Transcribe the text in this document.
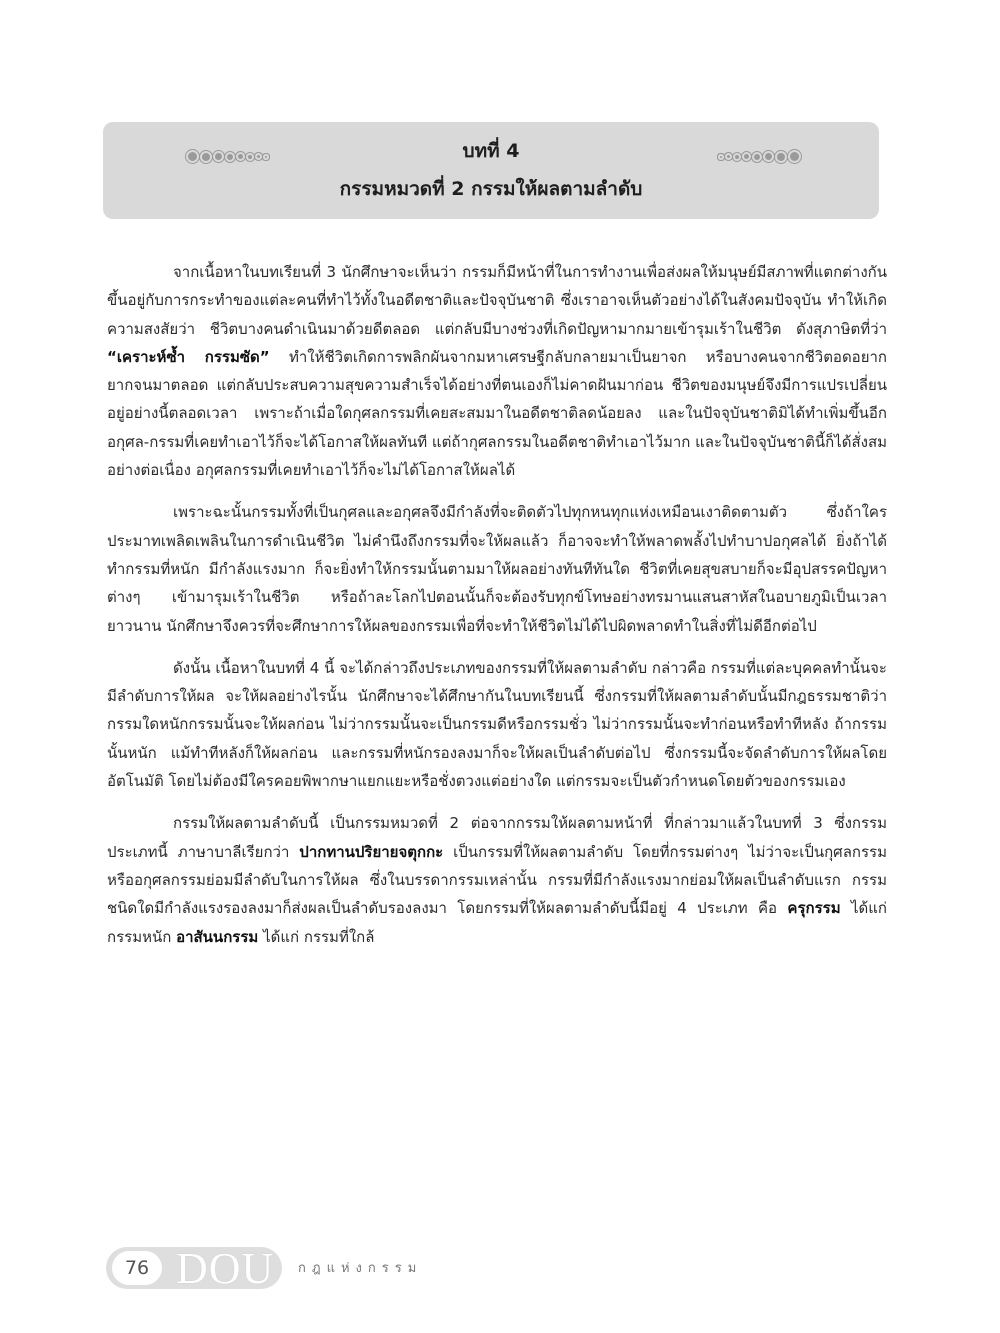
บทที่ 4
กรรมหมวดที่ 2 กรรมให้ผลตามลำดับ

จากเนื้อหาในบทเรียนที่ 3 นักศึกษาจะเห็นว่า กรรมก็มีหน้าที่ในการทำงานเพื่อส่งผลให้มนุษย์มีสภาพที่แตกต่างกัน ขึ้นอยู่กับการกระทำของแต่ละคนที่ทำไว้ทั้งในอดีตชาติและปัจจุบันชาติ ซึ่งเราอาจเห็นตัวอย่างได้ในสังคมปัจจุบัน ทำให้เกิดความสงสัยว่า ชีวิตบางคนดำเนินมาด้วยดีตลอด แต่กลับมีบางช่วงที่เกิดปัญหามากมายเข้ารุมเร้าในชีวิต ดังสุภาษิตที่ว่า “เคราะห์ซ้ำ กรรมซัด” ทำให้ชีวิตเกิดการพลิกผันจากมหาเศรษฐีกลับกลายมาเป็นยาจก หรือบางคนจากชีวิตอดอยากยากจนมาตลอด แต่กลับประสบความสุขความสำเร็จได้อย่างที่ตนเองก็ไม่คาดฝันมาก่อน ชีวิตของมนุษย์จึงมีการแปรเปลี่ยนอยู่อย่างนี้ตลอดเวลา เพราะถ้าเมื่อใดกุศลกรรมที่เคยสะสมมาในอดีตชาติลดน้อยลง และในปัจจุบันชาติมิได้ทำเพิ่มขึ้นอีก อกุศล-กรรมที่เคยทำเอาไว้ก็จะได้โอกาสให้ผลทันที แต่ถ้ากุศลกรรมในอดีตชาติทำเอาไว้มาก และในปัจจุบันชาตินี้ก็ได้สั่งสมอย่างต่อเนื่อง อกุศลกรรมที่เคยทำเอาไว้ก็จะไม่ได้โอกาสให้ผลได้

เพราะฉะนั้นกรรมทั้งที่เป็นกุศลและอกุศลจึงมีกำลังที่จะติดตัวไปทุกหนทุกแห่งเหมือนเงาติดตามตัว ซึ่งถ้าใครประมาทเพลิดเพลินในการดำเนินชีวิต ไม่คำนึงถึงกรรมที่จะให้ผลแล้ว ก็อาจจะทำให้พลาดพลั้งไปทำบาปอกุศลได้ ยิ่งถ้าได้ทำกรรมที่หนัก มีกำลังแรงมาก ก็จะยิ่งทำให้กรรมนั้นตามมาให้ผลอย่างทันทีทันใด ชีวิตที่เคยสุขสบายก็จะมีอุปสรรคปัญหาต่างๆ เข้ามารุมเร้าในชีวิต หรือถ้าละโลกไปตอนนั้นก็จะต้องรับทุกข์โทษอย่างทรมานแสนสาหัสในอบายภูมิเป็นเวลายาวนาน นักศึกษาจึงควรที่จะศึกษาการให้ผลของกรรมเพื่อที่จะทำให้ชีวิตไม่ได้ไปผิดพลาดทำในสิ่งที่ไม่ดีอีกต่อไป

ดังนั้น เนื้อหาในบทที่ 4 นี้ จะได้กล่าวถึงประเภทของกรรมที่ให้ผลตามลำดับ กล่าวคือ กรรมที่แต่ละบุคคลทำนั้นจะมีลำดับการให้ผล จะให้ผลอย่างไรนั้น นักศึกษาจะได้ศึกษากันในบทเรียนนี้ ซึ่งกรรมที่ให้ผลตามลำดับนั้นมีกฎธรรมชาติว่า กรรมใดหนักกรรมนั้นจะให้ผลก่อน ไม่ว่ากรรมนั้นจะเป็นกรรมดีหรือกรรมชั่ว ไม่ว่ากรรมนั้นจะทำก่อนหรือทำทีหลัง ถ้ากรรมนั้นหนัก แม้ทำทีหลังก็ให้ผลก่อน และกรรมที่หนักรองลงมาก็จะให้ผลเป็นลำดับต่อไป ซึ่งกรรมนี้จะจัดลำดับการให้ผลโดยอัตโนมัติ โดยไม่ต้องมีใครคอยพิพากษาแยกแยะหรือชั่งตวงแต่อย่างใด แต่กรรมจะเป็นตัวกำหนดโดยตัวของกรรมเอง

กรรมให้ผลตามลำดับนี้ เป็นกรรมหมวดที่ 2 ต่อจากกรรมให้ผลตามหน้าที่ ที่กล่าวมาแล้วในบทที่ 3 ซึ่งกรรมประเภทนี้ ภาษาบาลีเรียกว่า ปากทานปริยายจตุกกะ เป็นกรรมที่ให้ผลตามลำดับ โดยที่กรรมต่างๆ ไม่ว่าจะเป็นกุศลกรรมหรืออกุศลกรรมย่อมมีลำดับในการให้ผล ซึ่งในบรรดากรรมเหล่านั้น กรรมที่มีกำลังแรงมากย่อมให้ผลเป็นลำดับแรก กรรมชนิดใดมีกำลังแรงรองลงมาก็ส่งผลเป็นลำดับรองลงมา โดยกรรมที่ให้ผลตามลำดับนี้มีอยู่ 4 ประเภท คือ ครุกรรม ได้แก่ กรรมหนัก อาสันนกรรม ได้แก่ กรรมที่ใกล้

76 DOU กฎแห่งกรรม
